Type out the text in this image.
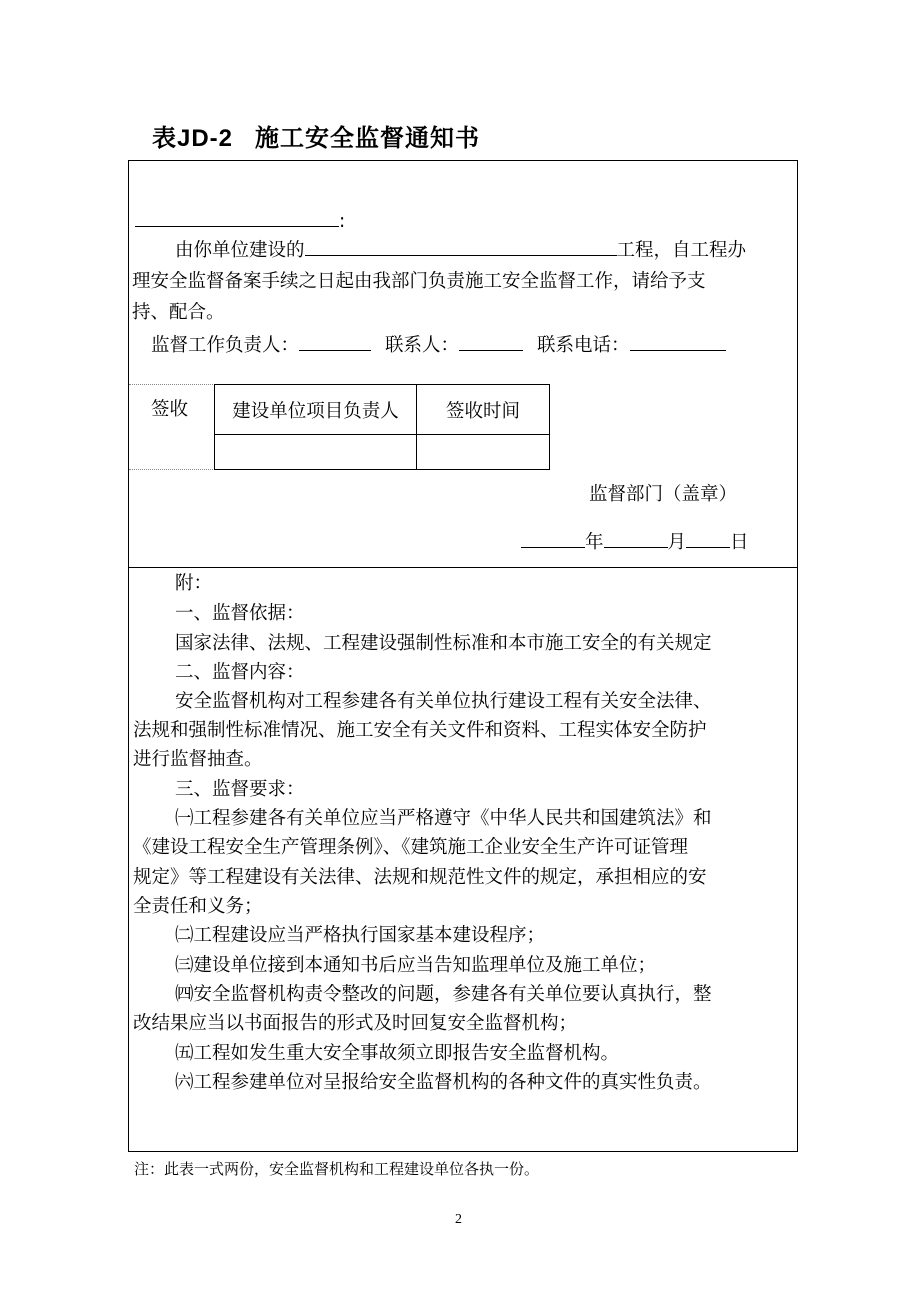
表JD-2 施工安全监督通知书
:
由你单位建设的	工程，自工程办
理安全监督备案手续之日起由我部门负责施工安全监督工作，请给予支
持、配合。
监督工作负责人：	联系人：	联系电话：
签收 建设单位项目负责人	签收时间

监督部门（盖章）
年	月 日
附：
一、监督依据：
国家法律、法规、工程建设强制性标准和本市施工安全的有关规定
二、监督内容：
安全监督机构对工程参建各有关单位执行建设工程有关安全法律、
法规和强制性标准情况、施工安全有关文件和资料、工程实体安全防护
进行监督抽查。
三、监督要求：
㈠工程参建各有关单位应当严格遵守《中华人民共和国建筑法》和
《建设工程安全生产管理条例》、《建筑施工企业安全生产许可证管理
规定》等工程建设有关法律、法规和规范性文件的规定，承担相应的安
全责任和义务；
㈡工程建设应当严格执行国家基本建设程序；
㈢建设单位接到本通知书后应当告知监理单位及施工单位；
㈣安全监督机构责令整改的问题，参建各有关单位要认真执行，整
改结果应当以书面报告的形式及时回复安全监督机构；
㈤工程如发生重大安全事故须立即报告安全监督机构。
㈥工程参建单位对呈报给安全监督机构的各种文件的真实性负责。
注：此表一式两份，安全监督机构和工程建设单位各执一份。
2
